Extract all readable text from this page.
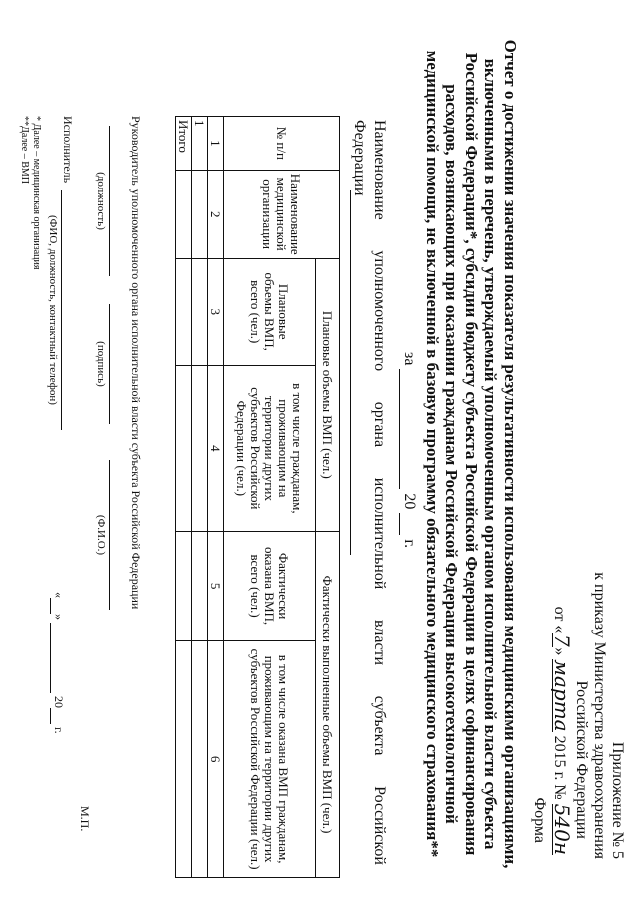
Приложение № 5
к приказу Министерства здравоохранения
Российской Федерации
от «7» марта 2015 г. № 540н
Форма
Отчет о достижении значения показателя результативности использования медицинскими организациями,
включенными в перечень, утверждаемый уполномоченным органом исполнительной власти субъекта
Российской Федерации*, субсидии бюджету субъекта Российской Федерации в целях софинансирования
расходов, возникающих при оказании гражданам Российской Федерации высокотехнологичной
медицинской помощи, не включенной в базовую программу обязательного медицинского страхования**
за   20   г.
Наименование
уполномоченного
органа
исполнительной
власти
субъекта
Российской
Федерации
№ п/п	Наименование медицинской организации	Плановые объемы ВМП (чел.)		Фактически выполненные объемы ВМП (чел.)	
		Плановые объемы ВМП, всего (чел.)	в том числе гражданам, проживающим на территории других субъектов Российской Федерации (чел.)	Фактически оказана ВМП, всего (чел.)	в том числе оказана ВМП гражданам, проживающим на территории других субъектов Российской Федерации (чел.)
1	2	3	4	5	6
1					
Итого					
Руководитель уполномоченного органа исполнительной власти субъекта Российской Федерации
(должность)
(подпись)
(Ф.И.О.)
Исполнитель
(ФИО, должность, контактный телефон)
« »   20  г.
М.П.
* Далее – медицинская организация
**Далее – ВМП
